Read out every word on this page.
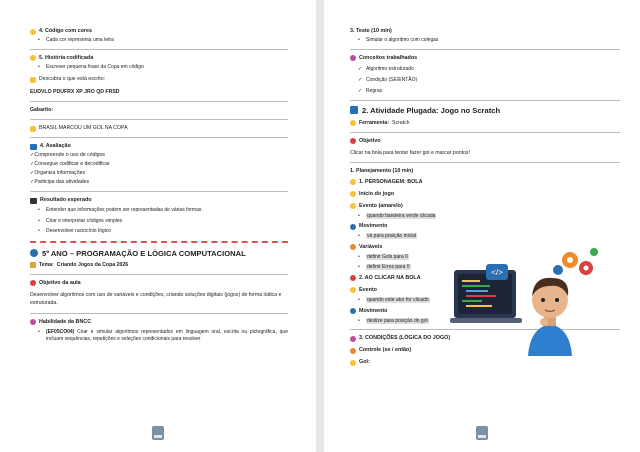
4. Código com cores
• Cada cor representa uma letra
5. História codificada
• Escrever pequena frase da Copa em código
Descubra o que está escrito:
EUDVLO PDUFRX XP JRO QD FRSD
Gabarito:
BRASIL MARCOU UM GOL NA COPA
4. Avaliação
✓Compreende o uso de códigos
✓Consegue codificar e decodificar
✓Organiza informações
✓Participa das atividades
Resultado esperado
• Entender que informações podem ser representadas de várias formas
• Criar e interpretar códigos simples
• Desenvolver raciocínio lógico
5º ANO – PROGRAMAÇÃO E LÓGICA COMPUTACIONAL
Tema: Criando Jogos da Copa 2026
Objetivo da aula
Desenvolver algoritmos com uso de variáveis e condições, criando soluções digitais (jogos) de forma lúdica e estruturada.
Habilidade da BNCC
• (EF05CO04) Criar e simular algoritmos representados em linguagem oral, escrita ou pictográfica, que incluam sequências, repetições e seleções condicionais para resolver
3. Teste (10 min)
• Simular o algoritmo com colegas
Conceitos trabalhados
✓ Algoritmo estruturado
✓ Condição (SE/ENTÃO)
✓ Regras
2. Atividade Plugada: Jogo no Scratch
Ferramenta: Scratch
Objetivo
Clicar na bola para tentar fazer gol e marcar pontos!
1. Planejamento (10 min)
1. PERSONAGEM: BOLA
Início do jogo
Evento (amarelo)
• quando bandeira verde clicada
Movimento
• vá para posição inicial
Variáveis
• definir Gols para 0
• definir Erros para 0
2. AO CLICAR NA BOLA
Evento
• quando este ator for clicado
Movimento
• deslize para posição do gol
3. CONDIÇÕES (LÓGICA DO JOGO)
Controle (se / então)
Gol:
</>
